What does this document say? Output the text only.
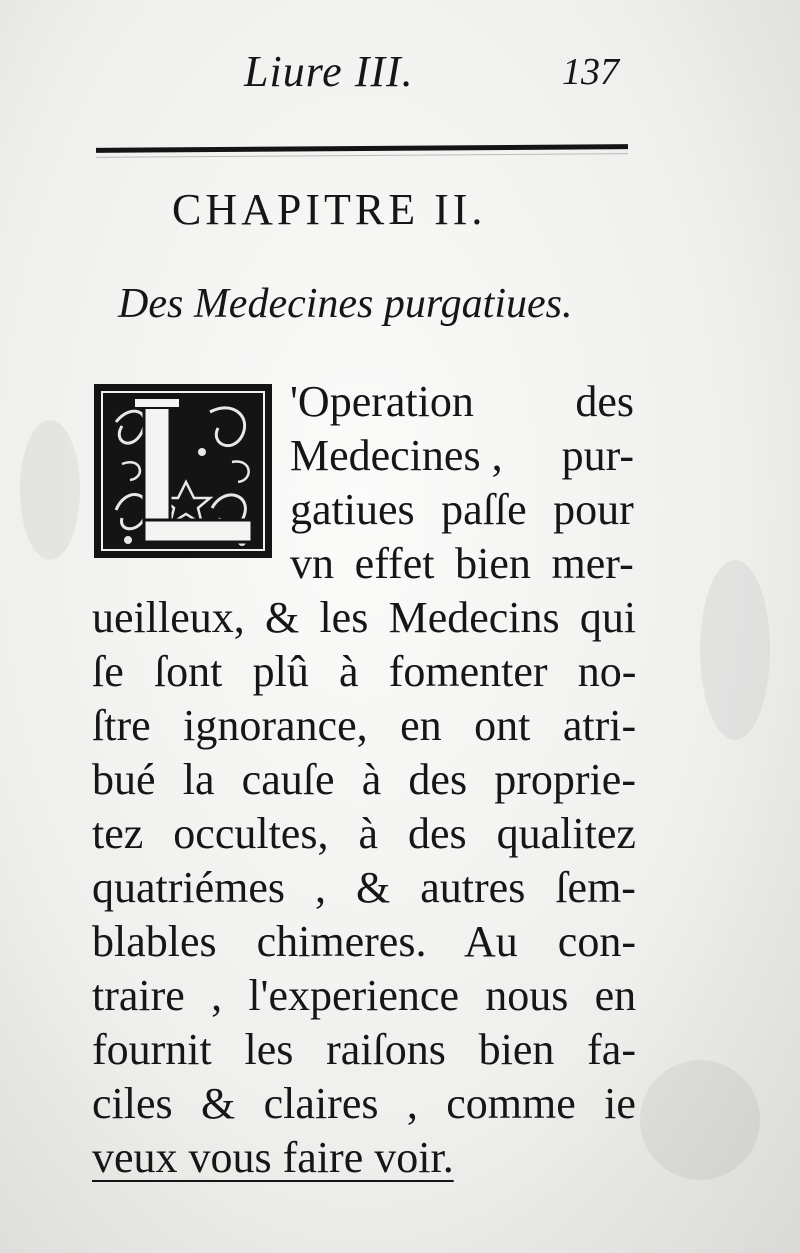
Liure III.	137
CHAPITRE II.
Des Medecines purgatiues.
'Operation des
Medecines , pur-
gatiues paſſe pour
vn effet bien mer-
ueilleux, & les Medecins qui
ſe ſont plû à fomenter no-
ſtre ignorance, en ont atri-
bué la cauſe à des proprie-
tez occultes, à des qualitez
quatriémes , & autres ſem-
blables chimeres. Au con-
traire , l'experience nous en
fournit les raiſons bien fa-
ciles & claires , comme ie
veux vous faire voir.
